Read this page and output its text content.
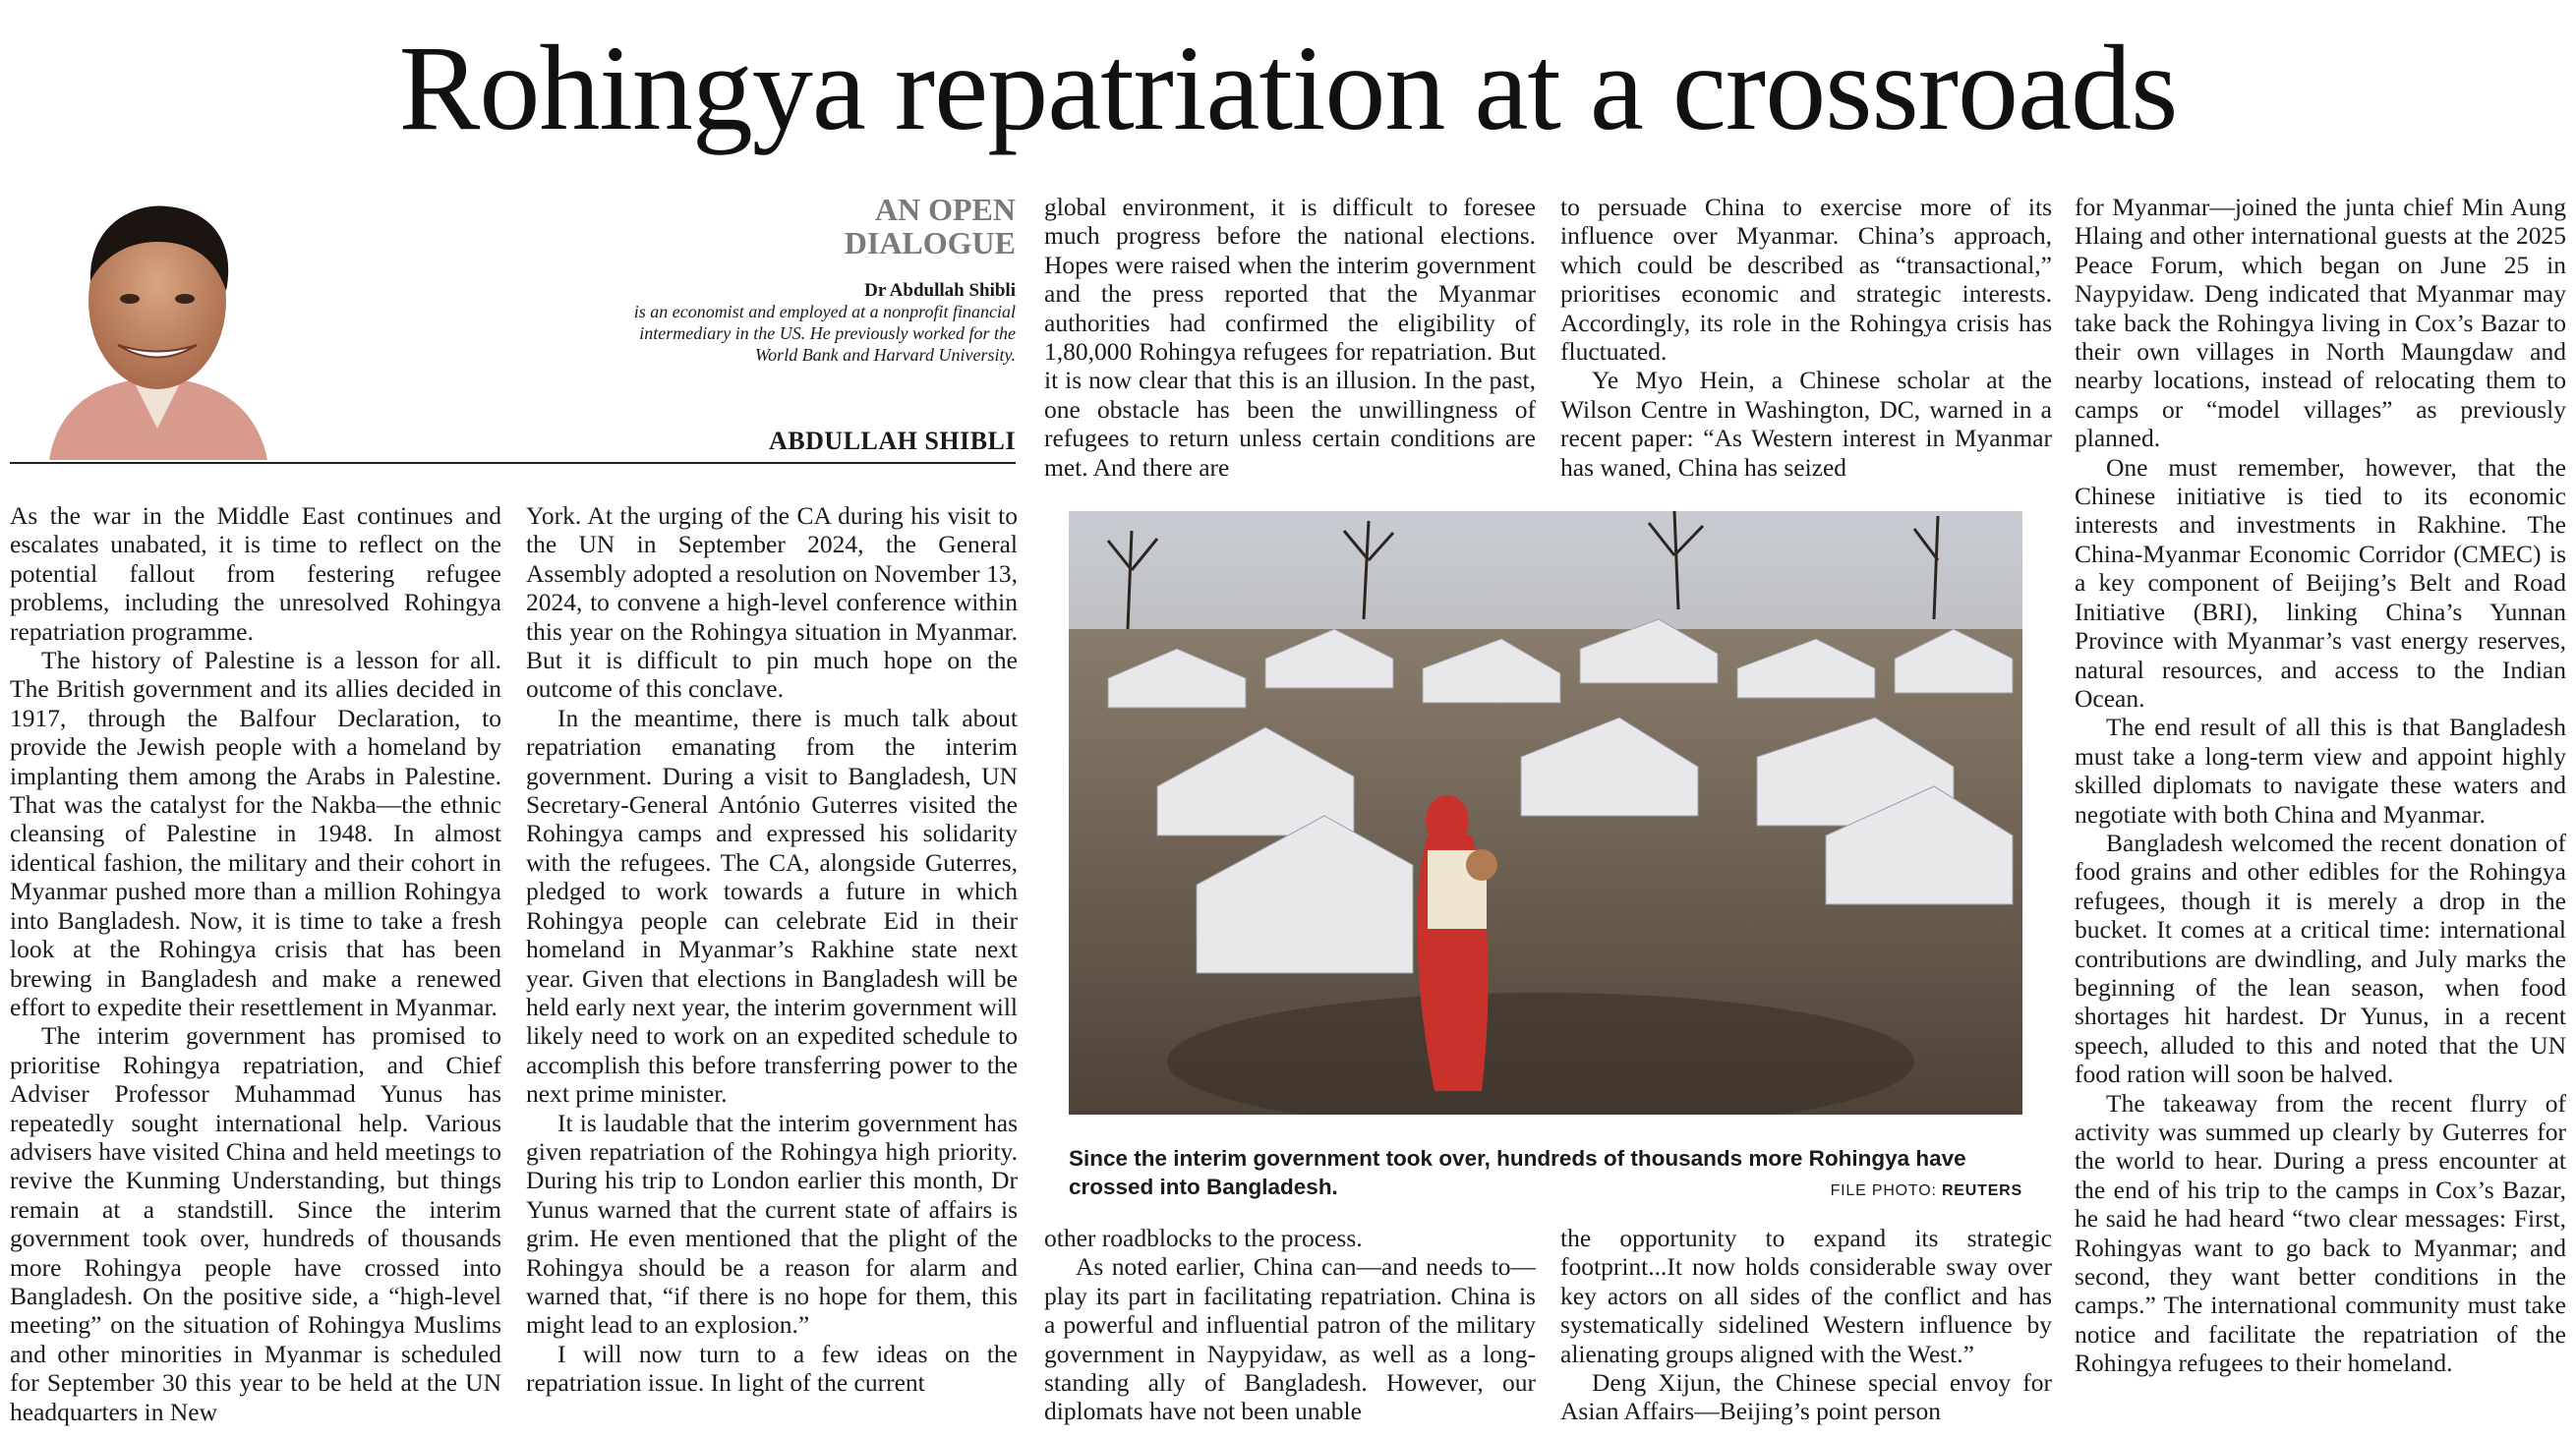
Rohingya repatriation at a crossroads
AN OPEN
DIALOGUE
Dr Abdullah Shibli
is an economist and employed at a nonprofit financial intermediary in the US. He previously worked for the World Bank and Harvard University.
ABDULLAH SHIBLI

As the war in the Middle East continues and escalates unabated, it is time to reflect on the potential fallout from festering refugee problems, including the unresolved Rohingya repatriation programme.

The history of Palestine is a lesson for all. The British government and its allies decided in 1917, through the Balfour Declaration, to provide the Jewish people with a homeland by implanting them among the Arabs in Palestine. That was the catalyst for the Nakba—the ethnic cleansing of Palestine in 1948. In almost identical fashion, the military and their cohort in Myanmar pushed more than a million Rohingya into Bangladesh. Now, it is time to take a fresh look at the Rohingya crisis that has been brewing in Bangladesh and make a renewed effort to expedite their resettlement in Myanmar.

The interim government has promised to prioritise Rohingya repatriation, and Chief Adviser Professor Muhammad Yunus has repeatedly sought international help. Various advisers have visited China and held meetings to revive the Kunming Understanding, but things remain at a standstill. Since the interim government took over, hundreds of thousands more Rohingya people have crossed into Bangladesh. On the positive side, a “high-level meeting” on the situation of Rohingya Muslims and other minorities in Myanmar is scheduled for September 30 this year to be held at the UN headquarters in New

York. At the urging of the CA during his visit to the UN in September 2024, the General Assembly adopted a resolution on November 13, 2024, to convene a high-level conference within this year on the Rohingya situation in Myanmar. But it is difficult to pin much hope on the outcome of this conclave.

In the meantime, there is much talk about repatriation emanating from the interim government. During a visit to Bangladesh, UN Secretary-General António Guterres visited the Rohingya camps and expressed his solidarity with the refugees. The CA, alongside Guterres, pledged to work towards a future in which Rohingya people can celebrate Eid in their homeland in Myanmar’s Rakhine state next year. Given that elections in Bangladesh will be held early next year, the interim government will likely need to work on an expedited schedule to accomplish this before transferring power to the next prime minister.

It is laudable that the interim government has given repatriation of the Rohingya high priority. During his trip to London earlier this month, Dr Yunus warned that the current state of affairs is grim. He even mentioned that the plight of the Rohingya should be a reason for alarm and warned that, “if there is no hope for them, this might lead to an explosion.”

I will now turn to a few ideas on the repatriation issue. In light of the current

global environment, it is difficult to foresee much progress before the national elections. Hopes were raised when the interim government and the press reported that the Myanmar authorities had confirmed the eligibility of 1,80,000 Rohingya refugees for repatriation. But it is now clear that this is an illusion. In the past, one obstacle has been the unwillingness of refugees to return unless certain conditions are met. And there are

to persuade China to exercise more of its influence over Myanmar. China’s approach, which could be described as “transactional,” prioritises economic and strategic interests. Accordingly, its role in the Rohingya crisis has fluctuated.

Ye Myo Hein, a Chinese scholar at the Wilson Centre in Washington, DC, warned in a recent paper: “As Western interest in Myanmar has waned, China has seized

Since the interim government took over, hundreds of thousands more Rohingya have crossed into Bangladesh.	FILE PHOTO: REUTERS

other roadblocks to the process.

As noted earlier, China can—and needs to—play its part in facilitating repatriation. China is a powerful and influential patron of the military government in Naypyidaw, as well as a long-standing ally of Bangladesh. However, our diplomats have not been unable

the opportunity to expand its strategic footprint...It now holds considerable sway over key actors on all sides of the conflict and has systematically sidelined Western influence by alienating groups aligned with the West.”

Deng Xijun, the Chinese special envoy for Asian Affairs—Beijing’s point person

for Myanmar—joined the junta chief Min Aung Hlaing and other international guests at the 2025 Peace Forum, which began on June 25 in Naypyidaw. Deng indicated that Myanmar may take back the Rohingya living in Cox’s Bazar to their own villages in North Maungdaw and nearby locations, instead of relocating them to camps or “model villages” as previously planned.

One must remember, however, that the Chinese initiative is tied to its economic interests and investments in Rakhine. The China-Myanmar Economic Corridor (CMEC) is a key component of Beijing’s Belt and Road Initiative (BRI), linking China’s Yunnan Province with Myanmar’s vast energy reserves, natural resources, and access to the Indian Ocean.

The end result of all this is that Bangladesh must take a long-term view and appoint highly skilled diplomats to navigate these waters and negotiate with both China and Myanmar.

Bangladesh welcomed the recent donation of food grains and other edibles for the Rohingya refugees, though it is merely a drop in the bucket. It comes at a critical time: international contributions are dwindling, and July marks the beginning of the lean season, when food shortages hit hardest. Dr Yunus, in a recent speech, alluded to this and noted that the UN food ration will soon be halved.

The takeaway from the recent flurry of activity was summed up clearly by Guterres for the world to hear. During a press encounter at the end of his trip to the camps in Cox’s Bazar, he said he had heard “two clear messages: First, Rohingyas want to go back to Myanmar; and second, they want better conditions in the camps.” The international community must take notice and facilitate the repatriation of the Rohingya refugees to their homeland.
